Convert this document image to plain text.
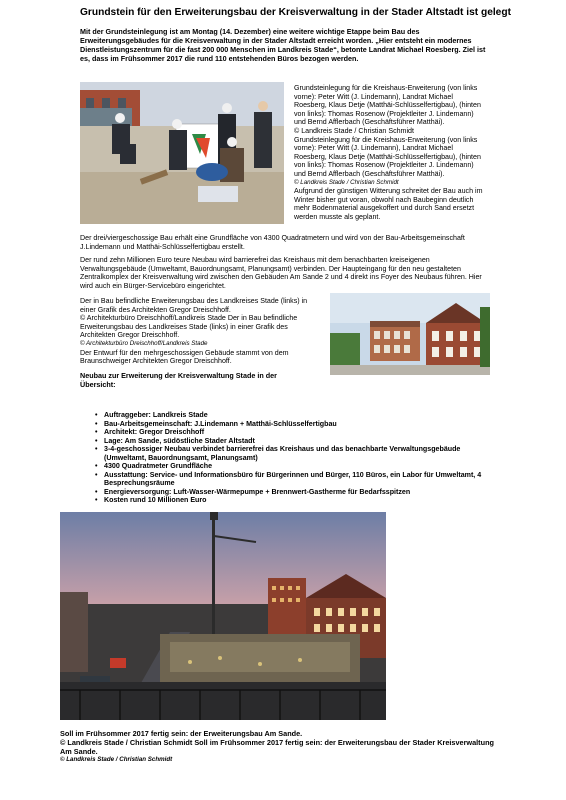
Grundstein für den Erweiterungsbau der Kreisverwaltung in der Stader Altstadt ist gelegt
Mit der Grundsteinlegung ist am Montag (14. Dezember) eine weitere wichtige Etappe beim Bau des Erweiterungsgebäudes für die Kreisverwaltung in der Stader Altstadt erreicht worden. „Hier entsteht ein modernes Dienstleistungszentrum für die fast 200 000 Menschen im Landkreis Stade“, betonte Landrat Michael Roesberg. Ziel ist es, dass im Frühsommer 2017 die rund 110 entstehenden Büros bezogen werden.
Grundsteinlegung für die Kreishaus-Erweiterung (von links vorne): Peter Witt (J. Lindemann), Landrat Michael Roesberg, Klaus Detje (Matthäi-Schlüsselfertigbau), (hinten von links): Thomas Rosenow (Projektleiter J. Lindemann) und Bernd Afflerbach (Geschäftsführer Matthäi).
© Landkreis Stade / Christian Schmidt
Grundsteinlegung für die Kreishaus-Erweiterung (von links vorne): Peter Witt (J. Lindemann), Landrat Michael Roesberg, Klaus Detje (Matthäi-Schlüsselfertigbau), (hinten von links): Thomas Rosenow (Projektleiter J. Lindemann) und Bernd Afflerbach (Geschäftsführer Matthäi).
© Landkreis Stade / Christian Schmidt
Aufgrund der günstigen Witterung schreitet der Bau auch im Winter bisher gut voran, obwohl nach Baubeginn deutlich mehr Bodenmaterial ausgekoffert und durch Sand ersetzt werden musste als geplant.
Der drei/viergeschossige Bau erhält eine Grundfläche von 4300 Quadratmetern und wird von der Bau-Arbeitsgemeinschaft J.Lindemann und Matthäi-Schlüsselfertigbau erstellt.
Der rund zehn Millionen Euro teure Neubau wird barrierefrei das Kreishaus mit dem benachbarten kreiseigenen Verwaltungsgebäude (Umweltamt, Bauordnungsamt, Planungsamt) verbinden. Der Haupteingang für den neu gestalteten Zentralkomplex der Kreisverwaltung wird zwischen den Gebäuden Am Sande 2 und 4 direkt ins Foyer des Neubaus führen. Hier wird auch ein Bürger-Servicebüro eingerichtet.
Der in Bau befindliche Erweiterungsbau des Landkreises Stade (links) in einer Grafik des Architekten Gregor Dreischhoff.
© Architekturbüro Dreischhoff/Landkreis Stade Der in Bau befindliche Erweiterungsbau des Landkreises Stade (links) in einer Grafik des Architekten Gregor Dreischhoff.
© Architekturbüro Dreischhoff/Landkreis Stade
Der Entwurf für den mehrgeschossigen Gebäude stammt von dem Braunschweiger Architekten Gregor Dreischhoff.
Neubau zur Erweiterung der Kreisverwaltung Stade in der Übersicht:
• Auftraggeber: Landkreis Stade
• Bau-Arbeitsgemeinschaft: J.Lindemann + Matthäi-Schlüsselfertigbau
• Architekt: Gregor Dreischhoff
• Lage: Am Sande, südöstliche Stader Altstadt
• 3-4-geschossiger Neubau verbindet barrierefrei das Kreishaus und das benachbarte Verwaltungsgebäude (Umweltamt, Bauordnungsamt, Planungsamt)
• 4300 Quadratmeter Grundfläche
• Ausstattung: Service- und Informationsbüro für Bürgerinnen und Bürger, 110 Büros, ein Labor für Umweltamt, 4 Besprechungsräume
• Energieversorgung: Luft-Wasser-Wärmepumpe + Brennwert-Gastherme für Bedarfsspitzen
• Kosten rund 10 Millionen Euro
Soll im Frühsommer 2017 fertig sein: der Erweiterungsbau Am Sande.
© Landkreis Stade / Christian Schmidt Soll im Frühsommer 2017 fertig sein: der Erweiterungsbau der Stader Kreisverwaltung Am Sande.
© Landkreis Stade / Christian Schmidt
